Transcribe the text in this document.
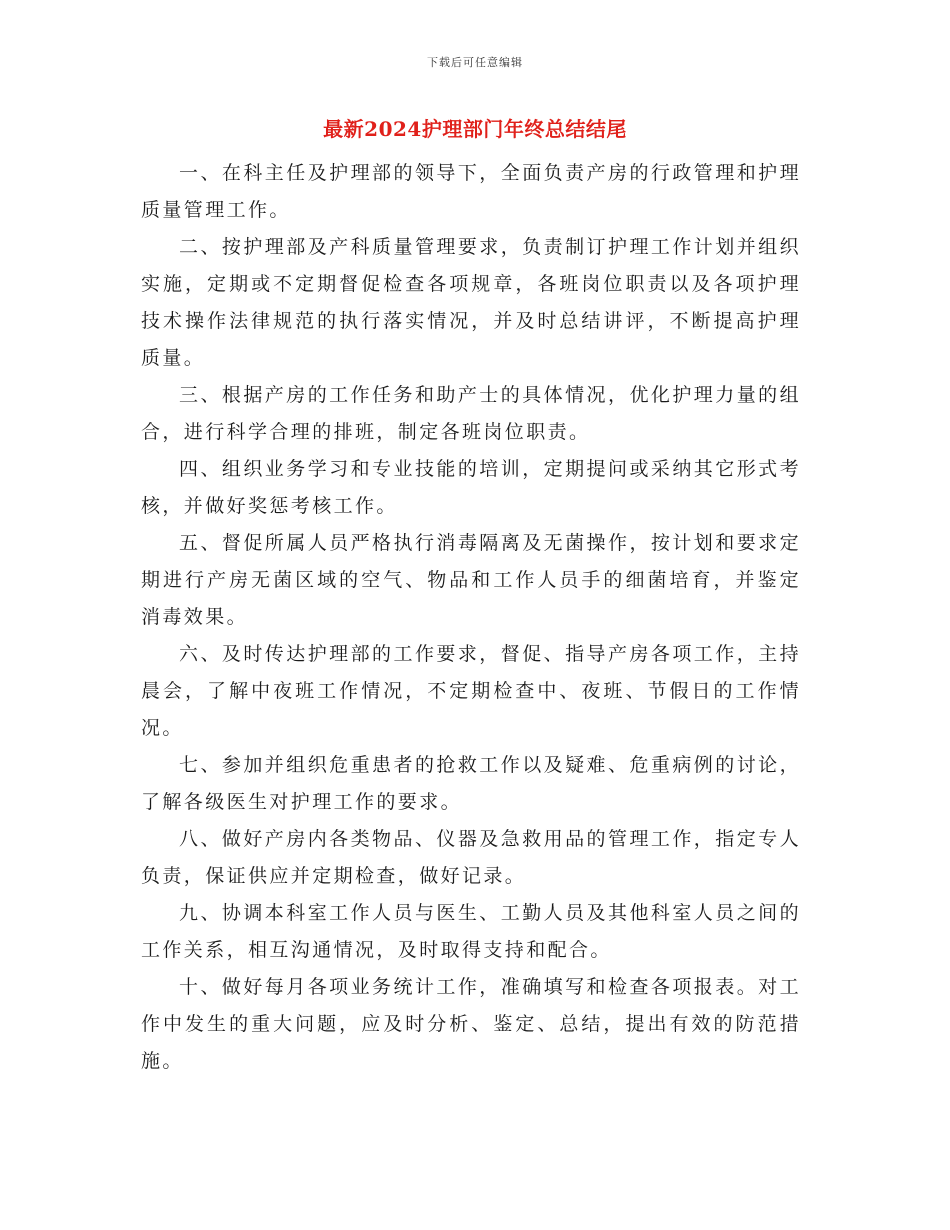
下载后可任意编辑
最新2024护理部门年终总结结尾

一、在科主任及护理部的领导下，全面负责产房的行政管理和护理质量管理工作。

二、按护理部及产科质量管理要求，负责制订护理工作计划并组织实施，定期或不定期督促检查各项规章，各班岗位职责以及各项护理技术操作法律规范的执行落实情况，并及时总结讲评，不断提高护理质量。

三、根据产房的工作任务和助产士的具体情况，优化护理力量的组合，进行科学合理的排班，制定各班岗位职责。

四、组织业务学习和专业技能的培训，定期提问或采纳其它形式考核，并做好奖惩考核工作。

五、督促所属人员严格执行消毒隔离及无菌操作，按计划和要求定期进行产房无菌区域的空气、物品和工作人员手的细菌培育，并鉴定消毒效果。

六、及时传达护理部的工作要求，督促、指导产房各项工作，主持晨会，了解中夜班工作情况，不定期检查中、夜班、节假日的工作情况。

七、参加并组织危重患者的抢救工作以及疑难、危重病例的讨论，了解各级医生对护理工作的要求。

八、做好产房内各类物品、仪器及急救用品的管理工作，指定专人负责，保证供应并定期检查，做好记录。

九、协调本科室工作人员与医生、工勤人员及其他科室人员之间的工作关系，相互沟通情况，及时取得支持和配合。

十、做好每月各项业务统计工作，准确填写和检查各项报表。对工作中发生的重大问题，应及时分析、鉴定、总结，提出有效的防范措施。
